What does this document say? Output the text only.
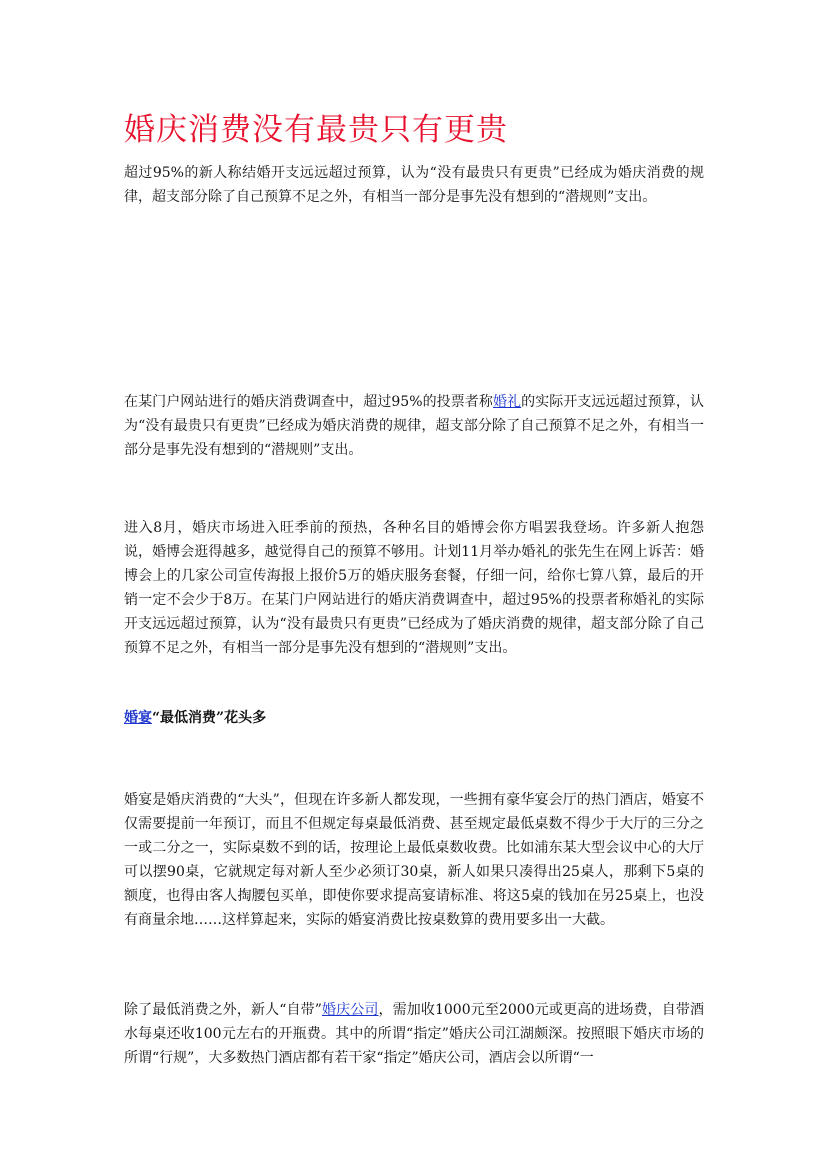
婚庆消费没有最贵只有更贵

超过95%的新人称结婚开支远远超过预算，认为“没有最贵只有更贵”已经成为婚庆消费的规律，超支部分除了自己预算不足之外，有相当一部分是事先没有想到的“潜规则”支出。

在某门户网站进行的婚庆消费调查中，超过95%的投票者称婚礼的实际开支远远超过预算，认为“没有最贵只有更贵”已经成为婚庆消费的规律，超支部分除了自己预算不足之外，有相当一部分是事先没有想到的“潜规则”支出。

进入8月，婚庆市场进入旺季前的预热，各种名目的婚博会你方唱罢我登场。许多新人抱怨说，婚博会逛得越多，越觉得自己的预算不够用。计划11月举办婚礼的张先生在网上诉苦：婚博会上的几家公司宣传海报上报价5万的婚庆服务套餐，仔细一问，给你七算八算，最后的开销一定不会少于8万。在某门户网站进行的婚庆消费调查中，超过95%的投票者称婚礼的实际开支远远超过预算，认为“没有最贵只有更贵”已经成为了婚庆消费的规律，超支部分除了自己预算不足之外，有相当一部分是事先没有想到的“潜规则”支出。

婚宴“最低消费”花头多

婚宴是婚庆消费的“大头”，但现在许多新人都发现，一些拥有豪华宴会厅的热门酒店，婚宴不仅需要提前一年预订，而且不但规定每桌最低消费、甚至规定最低桌数不得少于大厅的三分之一或二分之一，实际桌数不到的话，按理论上最低桌数收费。比如浦东某大型会议中心的大厅可以摆90桌，它就规定每对新人至少必须订30桌，新人如果只凑得出25桌人，那剩下5桌的额度，也得由客人掏腰包买单，即使你要求提高宴请标准、将这5桌的钱加在另25桌上，也没有商量余地……这样算起来，实际的婚宴消费比按桌数算的费用要多出一大截。

除了最低消费之外，新人“自带”婚庆公司，需加收1000元至2000元或更高的进场费，自带酒水每桌还收100元左右的开瓶费。其中的所谓“指定”婚庆公司江湖颇深。按照眼下婚庆市场的所谓“行规”，大多数热门酒店都有若干家“指定”婚庆公司，酒店会以所谓“一
